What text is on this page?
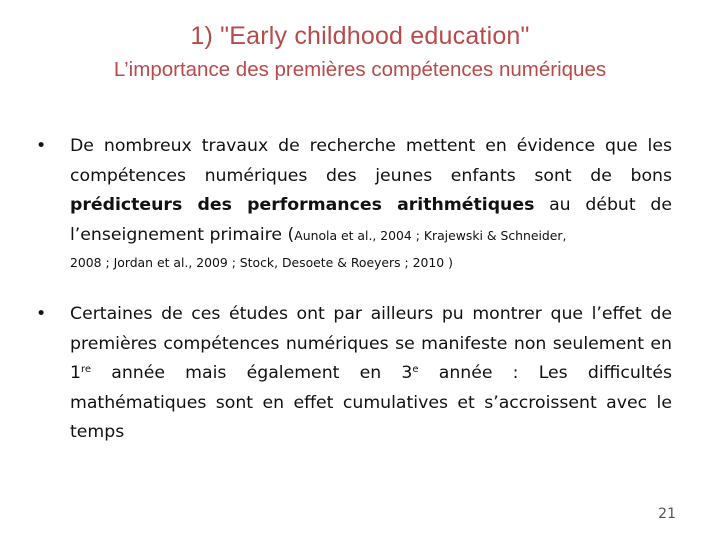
1) "Early childhood education"
L’importance des premières compétences numériques
•	De nombreux travaux de recherche mettent en évidence que les compétences numériques des jeunes enfants sont de bons prédicteurs des performances arithmétiques au début de l’enseignement primaire (Aunola et al., 2004 ; Krajewski & Schneider,
2008 ; Jordan et al., 2009 ; Stock, Desoete & Roeyers ; 2010 )
•	Certaines de ces études ont par ailleurs pu montrer que l’effet de premières compétences numériques se manifeste non seulement en 1re année mais également en 3e année : Les difficultés mathématiques sont en effet cumulatives et s’accroissent avec le temps
21
